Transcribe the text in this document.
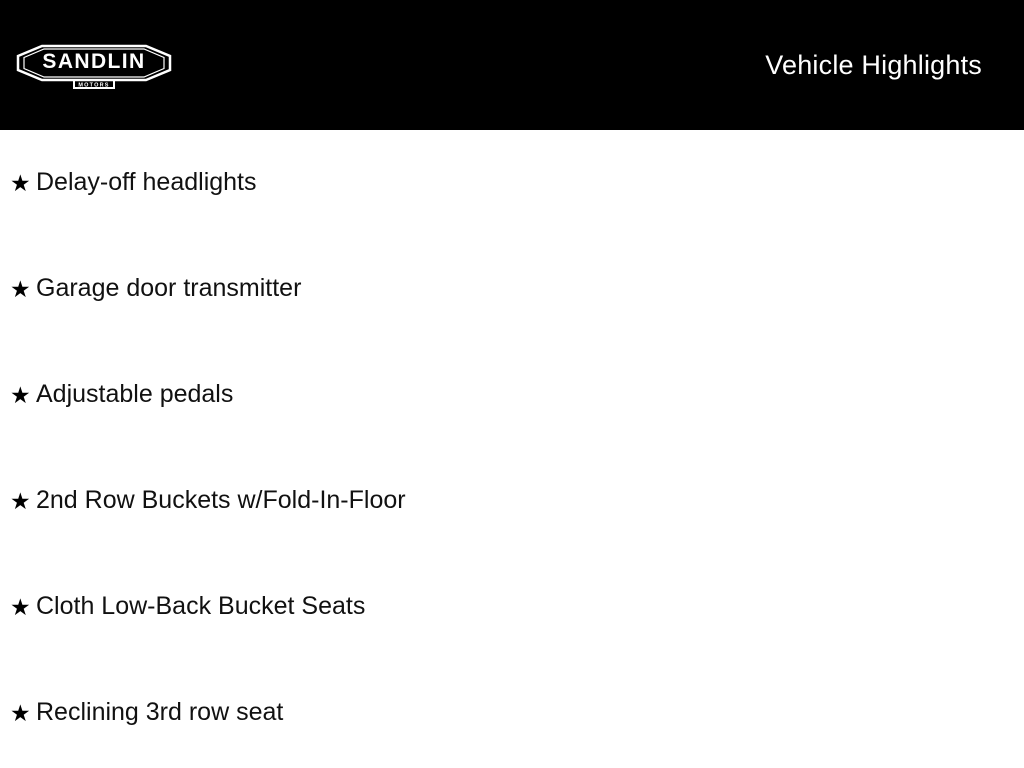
SANDLIN
MOTORS
Vehicle Highlights
★ Delay-off headlights
★ Garage door transmitter
★ Adjustable pedals
★ 2nd Row Buckets w/Fold-In-Floor
★ Cloth Low-Back Bucket Seats
★ Reclining 3rd row seat
